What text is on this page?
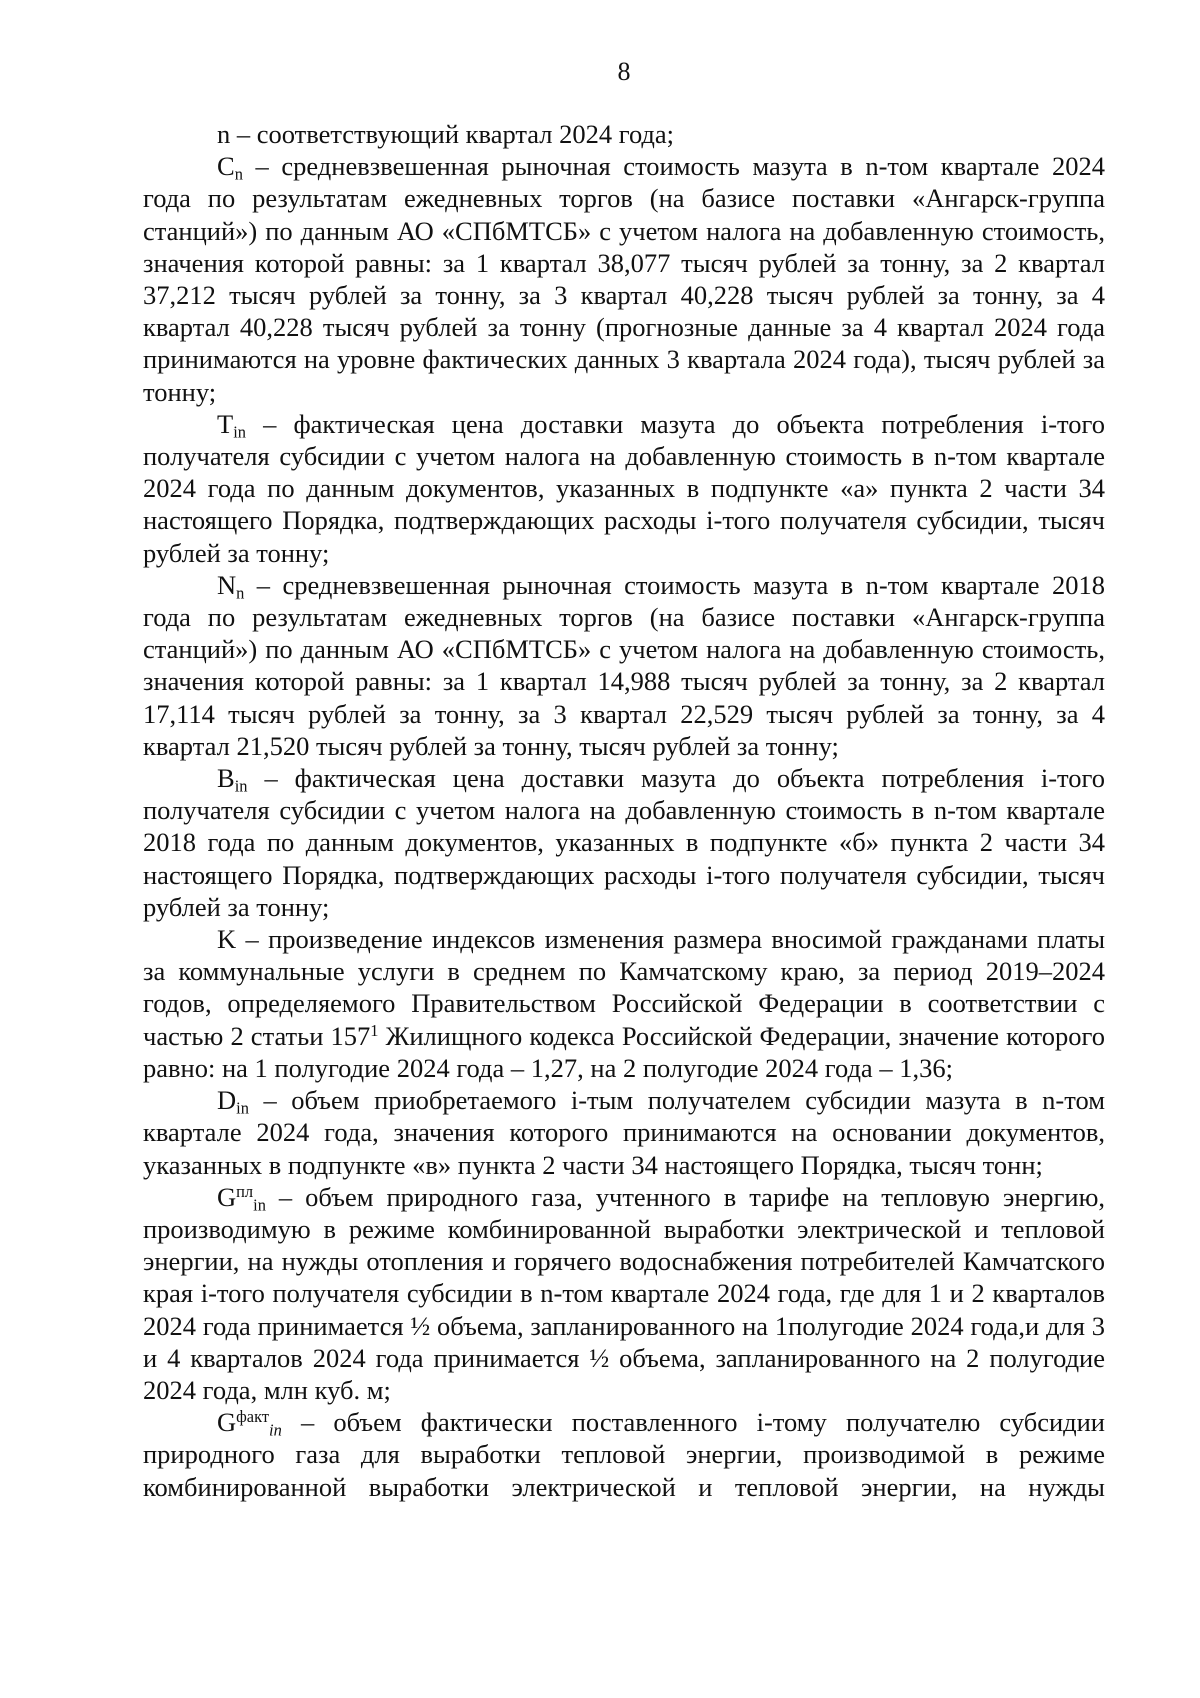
8

n – соответствующий квартал 2024 года;

$C_n$ – средневзвешенная рыночная стоимость мазута в n-том квартале 2024 года по результатам ежедневных торгов (на базисе поставки «Ангарск-группа станций») по данным АО «СПбМТСБ» с учетом налога на добавленную стоимость, значения которой равны: за 1 квартал 38,077 тысяч рублей за тонну, за 2 квартал 37,212 тысяч рублей за тонну, за 3 квартал 40,228 тысяч рублей за тонну, за 4 квартал 40,228 тысяч рублей за тонну (прогнозные данные за 4 квартал 2024 года принимаются на уровне фактических данных 3 квартала 2024 года), тысяч рублей за тонну;

$T_{in}$ – фактическая цена доставки мазута до объекта потребления i-того получателя субсидии с учетом налога на добавленную стоимость в n-том квартале 2024 года по данным документов, указанных в подпункте «а» пункта 2 части 34 настоящего Порядка, подтверждающих расходы i-того получателя субсидии, тысяч рублей за тонну;

$N_n$ – средневзвешенная рыночная стоимость мазута в n-том квартале 2018 года по результатам ежедневных торгов (на базисе поставки «Ангарск-группа станций») по данным АО «СПбМТСБ» с учетом налога на добавленную стоимость, значения которой равны: за 1 квартал 14,988 тысяч рублей за тонну, за 2 квартал 17,114 тысяч рублей за тонну, за 3 квартал 22,529 тысяч рублей за тонну, за 4 квартал 21,520 тысяч рублей за тонну, тысяч рублей за тонну;

$B_{in}$ – фактическая цена доставки мазута до объекта потребления i-того получателя субсидии с учетом налога на добавленную стоимость в n-том квартале 2018 года по данным документов, указанных в подпункте «б» пункта 2 части 34 настоящего Порядка, подтверждающих расходы i-того получателя субсидии, тысяч рублей за тонну;

K – произведение индексов изменения размера вносимой гражданами платы за коммунальные услуги в среднем по Камчатскому краю, за период 2019–2024 годов, определяемого Правительством Российской Федерации в соответствии с частью 2 статьи $157^1$ Жилищного кодекса Российской Федерации, значение которого равно: на 1 полугодие 2024 года – 1,27, на 2 полугодие 2024 года – 1,36;

$D_{in}$ – объем приобретаемого i-тым получателем субсидии мазута в n-том квартале 2024 года, значения которого принимаются на основании документов, указанных в подпункте «в» пункта 2 части 34 настоящего Порядка, тысяч тонн;

$G^{пл}_{in}$ – объем природного газа, учтенного в тарифе на тепловую энергию, производимую в режиме комбинированной выработки электрической и тепловой энергии, на нужды отопления и горячего водоснабжения потребителей Камчатского края i-того получателя субсидии в n-том квартале 2024 года, где для 1 и 2 кварталов 2024 года принимается ½ объема, запланированного на 1полугодие 2024 года,и для 3 и 4 кварталов 2024 года принимается ½ объема, запланированного на 2 полугодие 2024 года, млн куб. м;

$G^{факт}_{in}$ – объем фактически поставленного i-тому получателю субсидии природного газа для выработки тепловой энергии, производимой в режиме комбинированной выработки электрической и тепловой энергии, на нужды
